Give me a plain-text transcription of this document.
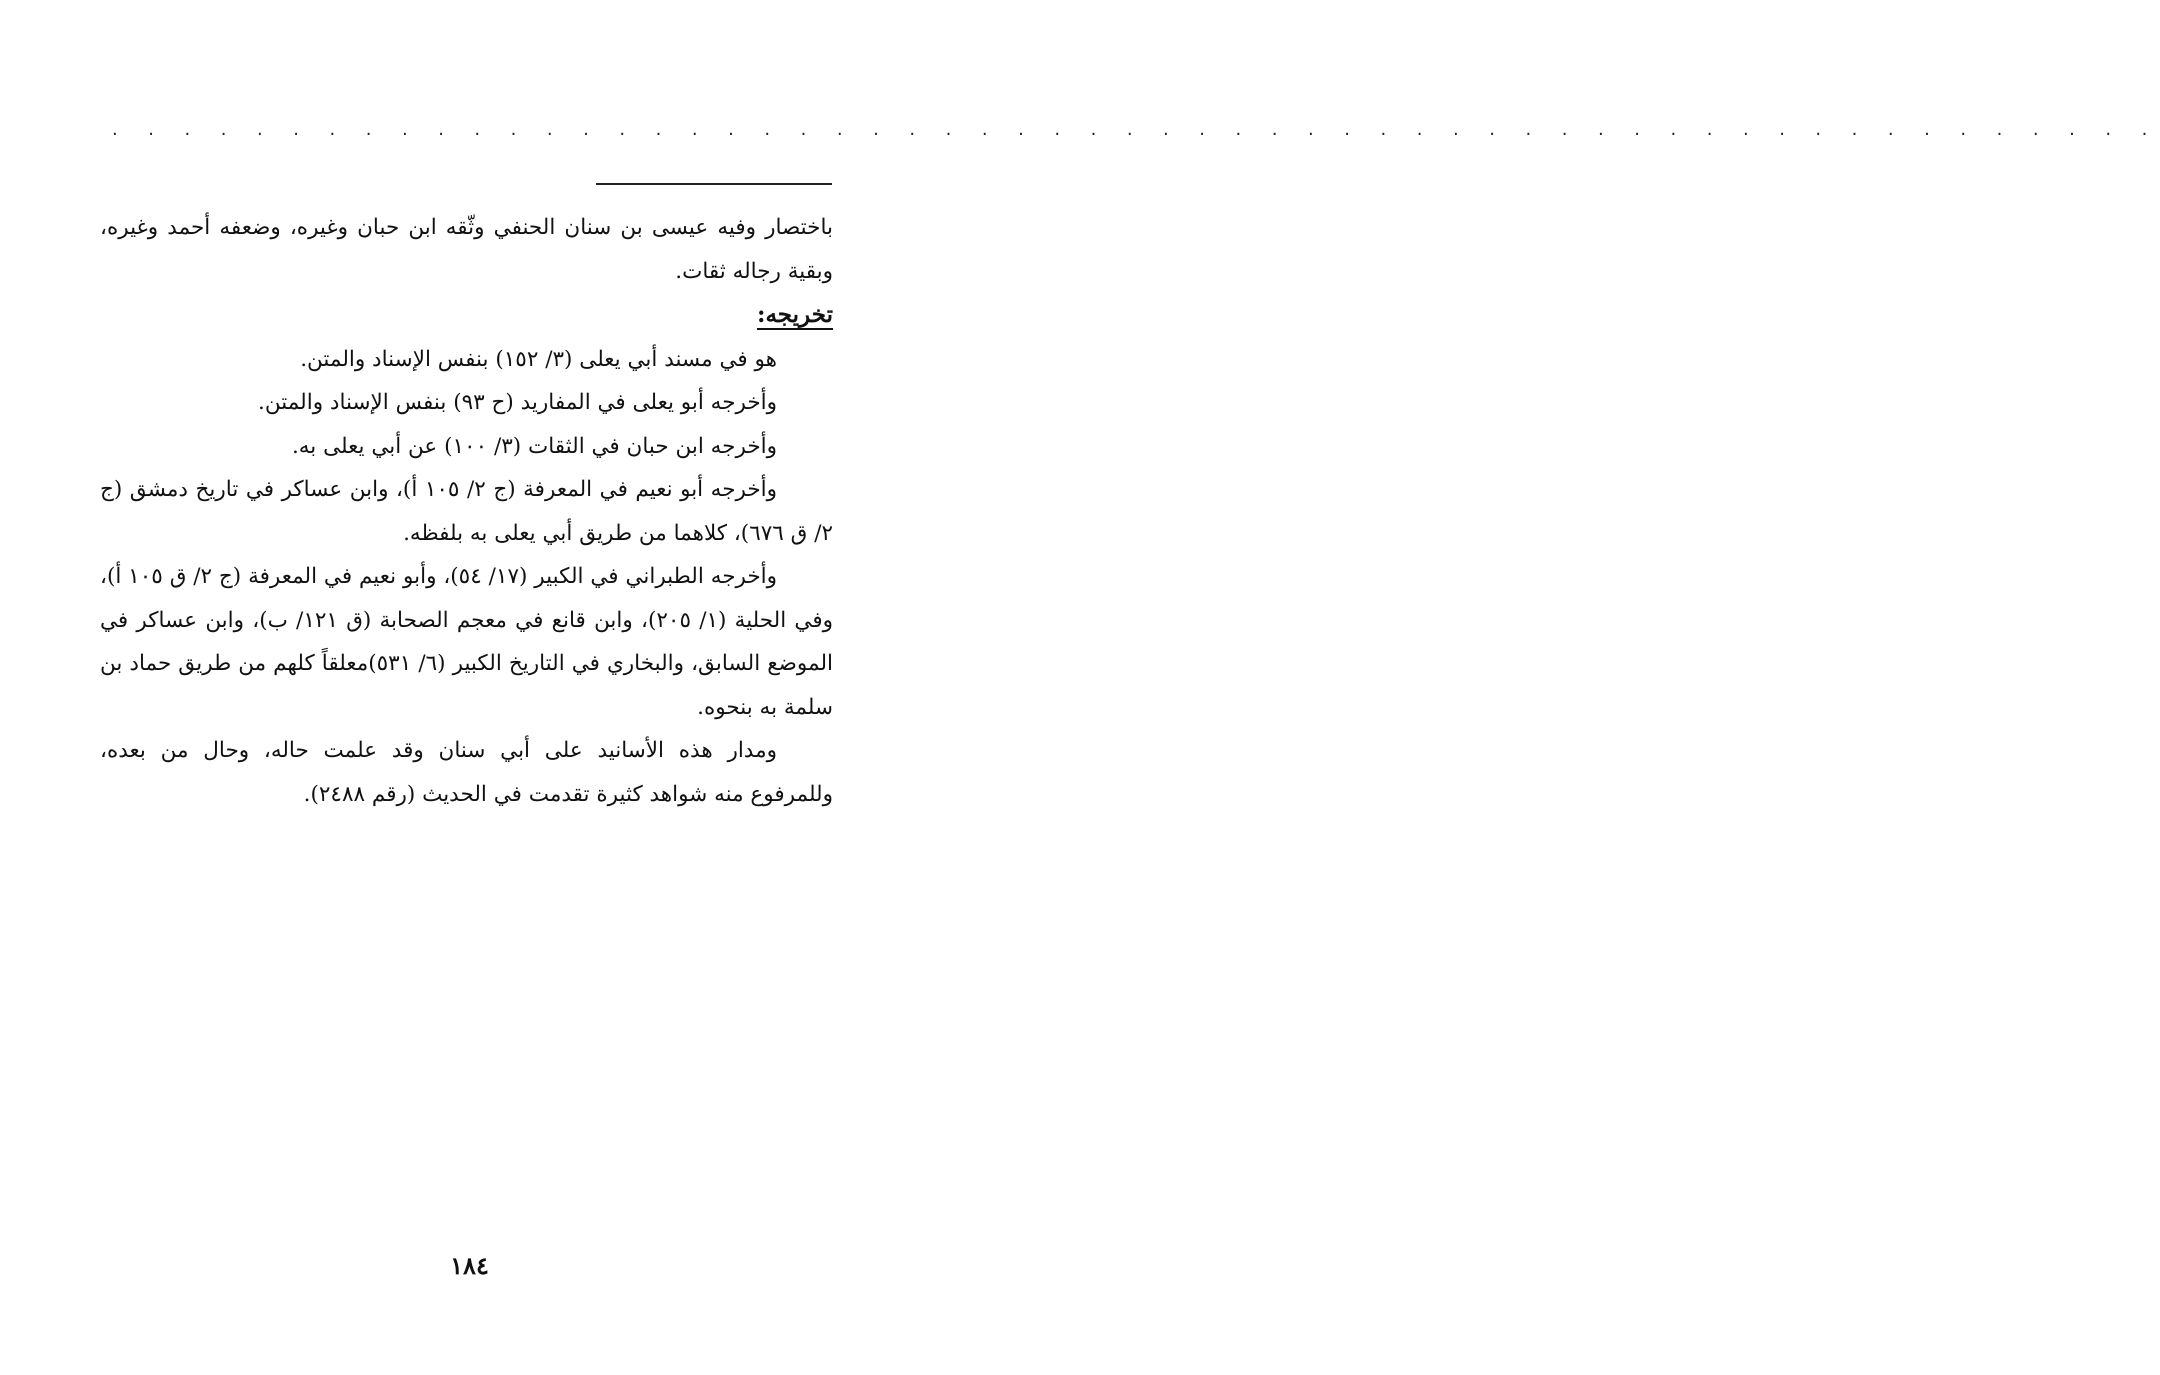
. . . . . . . . . . . . . . . . . . . . . . . . . . . . . . . . . . . . . . . . . . . . . . . . . . . . . . . . .

باختصار وفيه عيسى بن سنان الحنفي وثّقه ابن حبان وغيره، وضعفه أحمد وغيره، وبقية رجاله ثقات.

تخريجه:

هو في مسند أبي يعلى (٣/ ١٥٢) بنفس الإسناد والمتن.

وأخرجه أبو يعلى في المفاريد (ح ٩٣) بنفس الإسناد والمتن.

وأخرجه ابن حبان في الثقات (٣/ ١٠٠) عن أبي يعلى به.

وأخرجه أبو نعيم في المعرفة (ج ٢/ ١٠٥ أ)، وابن عساكر في تاريخ دمشق (ج ٢/ ق ٦٧٦)، كلاهما من طريق أبي يعلى به بلفظه.

وأخرجه الطبراني في الكبير (١٧/ ٥٤)، وأبو نعيم في المعرفة (ج ٢/ ق ١٠٥ أ)، وفي الحلية (١/ ٢٠٥)، وابن قانع في معجم الصحابة (ق ١٢١/ ب)، وابن عساكر في الموضع السابق، والبخاري في التاريخ الكبير (٦/ ٥٣١)معلقاً كلهم من طريق حماد بن سلمة به بنحوه.

ومدار هذه الأسانيد على أبي سنان وقد علمت حاله، وحال من بعده، وللمرفوع منه شواهد كثيرة تقدمت في الحديث (رقم ٢٤٨٨).

١٨٤
